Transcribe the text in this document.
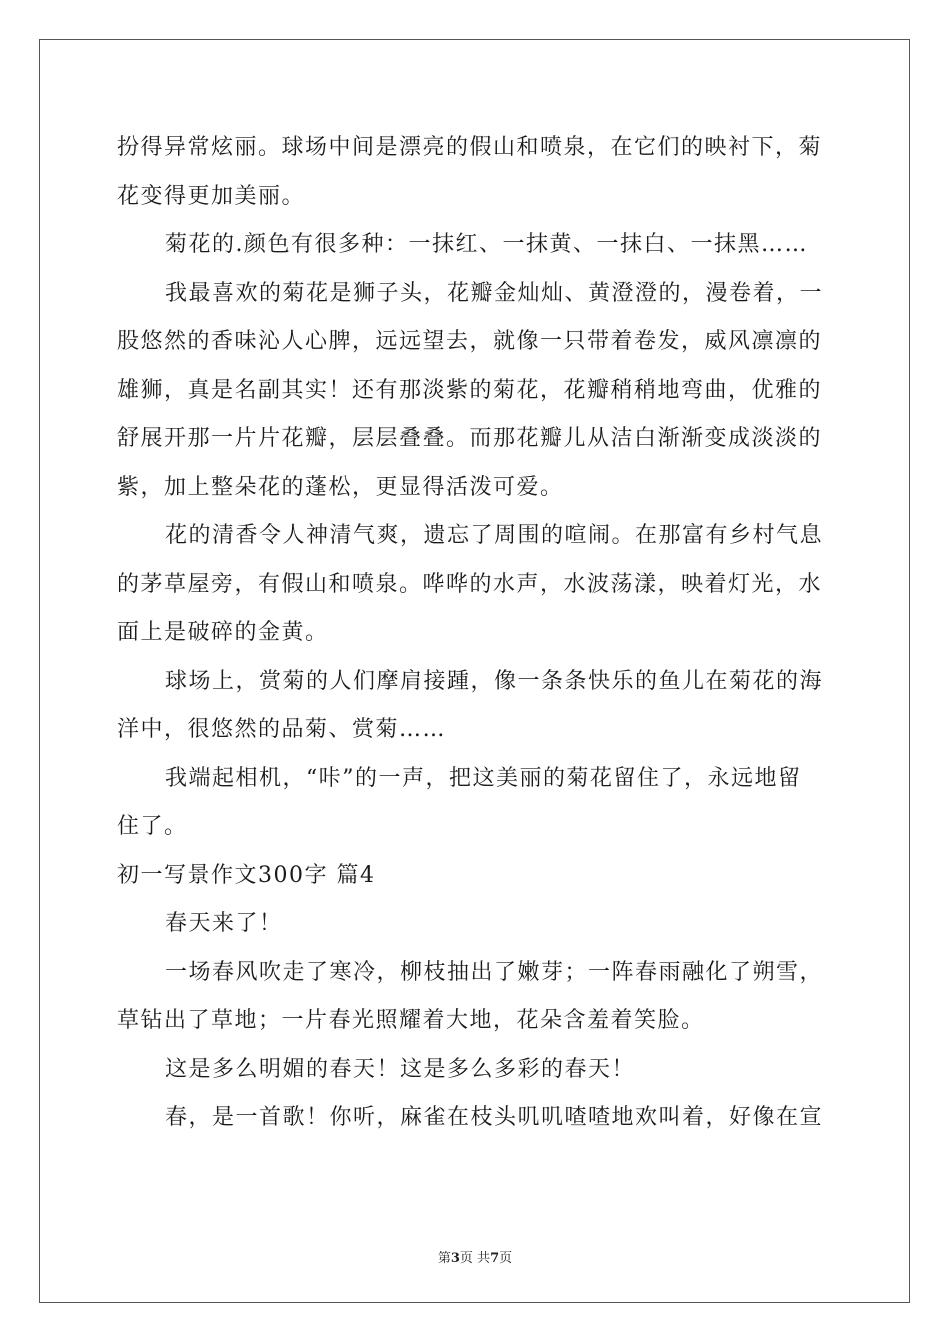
扮得异常炫丽。球场中间是漂亮的假山和喷泉，在它们的映衬下，菊
花变得更加美丽。
菊花的.颜色有很多种：一抹红、一抹黄、一抹白、一抹黑……
我最喜欢的菊花是狮子头，花瓣金灿灿、黄澄澄的，漫卷着，一
股悠然的香味沁人心脾，远远望去，就像一只带着卷发，威风凛凛的
雄狮，真是名副其实！还有那淡紫的菊花，花瓣稍稍地弯曲，优雅的
舒展开那一片片花瓣，层层叠叠。而那花瓣儿从洁白渐渐变成淡淡的
紫，加上整朵花的蓬松，更显得活泼可爱。
花的清香令人神清气爽，遗忘了周围的喧闹。在那富有乡村气息
的茅草屋旁，有假山和喷泉。哗哗的水声，水波荡漾，映着灯光，水
面上是破碎的金黄。
球场上，赏菊的人们摩肩接踵，像一条条快乐的鱼儿在菊花的海
洋中，很悠然的品菊、赏菊……
我端起相机，“咔”的一声，把这美丽的菊花留住了，永远地留
住了。
初一写景作文300字 篇4
春天来了！
一场春风吹走了寒冷，柳枝抽出了嫩芽；一阵春雨融化了朔雪，
草钻出了草地；一片春光照耀着大地，花朵含羞着笑脸。
这是多么明媚的春天！这是多么多彩的春天！
春，是一首歌！你听，麻雀在枝头叽叽喳喳地欢叫着，好像在宣
第3页 共7页
